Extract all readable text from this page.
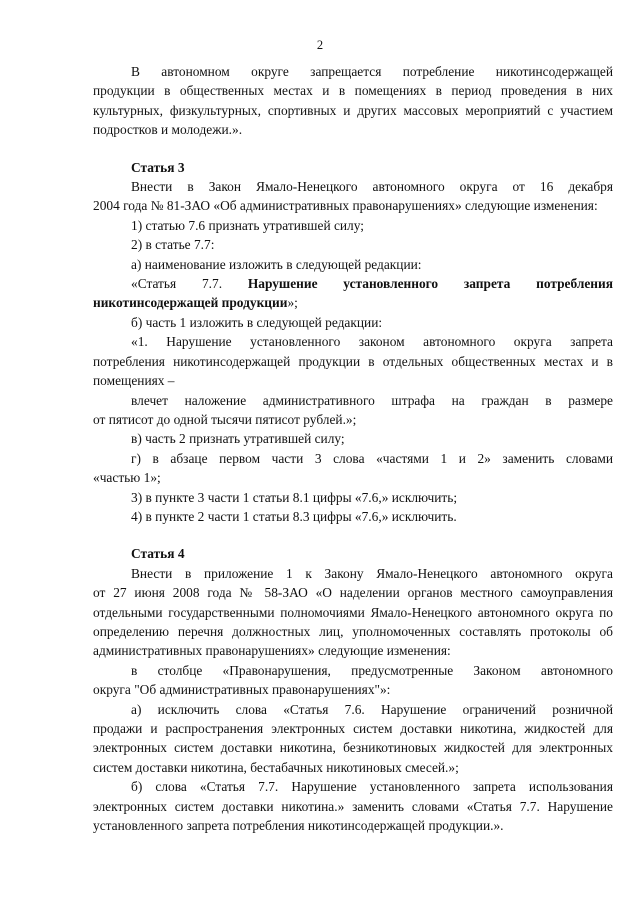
2

В автономном округе запрещается потребление никотинсодержащей

продукции в общественных местах и в помещениях в период проведения в них культурных, физкультурных, спортивных и других массовых мероприятий с участием подростков и молодежи.».

Статья 3

Внести в Закон Ямало-Ненецкого автономного округа от 16 декабря

2004 года № 81-ЗАО «Об административных правонарушениях» следующие изменения:

1) статью 7.6 признать утратившей силу;

2) в статье 7.7:

а) наименование изложить в следующей редакции:

«Статья 7.7. Нарушение установленного запрета потребления

никотинсодержащей продукции»;

б) часть 1 изложить в следующей редакции:

«1. Нарушение установленного законом автономного округа запрета

потребления никотинсодержащей продукции в отдельных общественных местах и в помещениях –

влечет наложение административного штрафа на граждан в размере

от пятисот до одной тысячи пятисот рублей.»;

в) часть 2 признать утратившей силу;

г) в абзаце первом части 3 слова «частями 1 и 2» заменить словами

«частью 1»;

3) в пункте 3 части 1 статьи 8.1 цифры «7.6,» исключить;

4) в пункте 2 части 1 статьи 8.3 цифры «7.6,» исключить.

Статья 4

Внести в приложение 1 к Закону Ямало-Ненецкого автономного округа

от 27 июня 2008 года № 58-ЗАО «О наделении органов местного самоуправления отдельными государственными полномочиями Ямало-Ненецкого автономного округа по определению перечня должностных лиц, уполномоченных составлять протоколы об административных правонарушениях» следующие изменения:

в столбце «Правонарушения, предусмотренные Законом автономного

округа "Об административных правонарушениях"»:

а) исключить слова «Статья 7.6. Нарушение ограничений розничной

продажи и распространения электронных систем доставки никотина, жидкостей для электронных систем доставки никотина, безникотиновых жидкостей для электронных систем доставки никотина, бестабачных никотиновых смесей.»;

б) слова «Статья 7.7. Нарушение установленного запрета использования

электронных систем доставки никотина.» заменить словами «Статья 7.7. Нарушение установленного запрета потребления никотинсодержащей продукции.».
